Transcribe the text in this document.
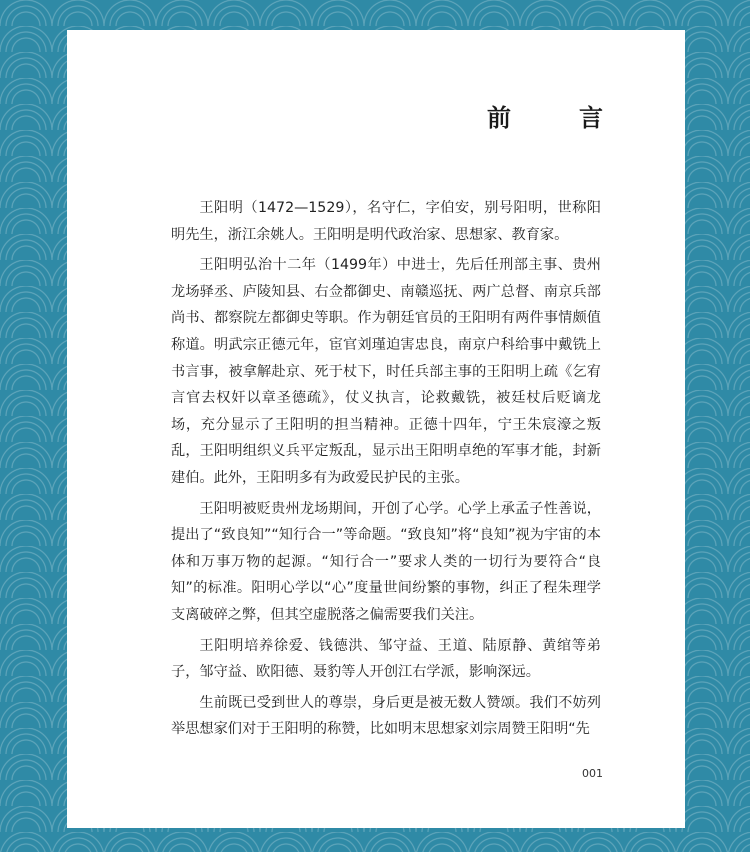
前　言

王阳明（1472—1529），名守仁，字伯安，别号阳明，世称阳明先生，浙江余姚人。王阳明是明代政治家、思想家、教育家。

王阳明弘治十二年（1499年）中进士，先后任刑部主事、贵州龙场驿丞、庐陵知县、右佥都御史、南赣巡抚、两广总督、南京兵部尚书、都察院左都御史等职。作为朝廷官员的王阳明有两件事情颇值称道。明武宗正德元年，宦官刘瑾迫害忠良，南京户科给事中戴铣上书言事，被拿解赴京、死于杖下，时任兵部主事的王阳明上疏《乞宥言官去权奸以章圣德疏》，仗义执言，论救戴铣，被廷杖后贬谪龙场，充分显示了王阳明的担当精神。正德十四年，宁王朱宸濠之叛乱，王阳明组织义兵平定叛乱，显示出王阳明卓绝的军事才能，封新建伯。此外，王阳明多有为政爱民护民的主张。

王阳明被贬贵州龙场期间，开创了心学。心学上承孟子性善说，提出了“致良知”“知行合一”等命题。“致良知”将“良知”视为宇宙的本体和万事万物的起源。“知行合一”要求人类的一切行为要符合“良知”的标准。阳明心学以“心”度量世间纷繁的事物，纠正了程朱理学支离破碎之弊，但其空虚脱落之偏需要我们关注。

王阳明培养徐爱、钱德洪、邹守益、王道、陆原静、黄绾等弟子，邹守益、欧阳德、聂豹等人开创江右学派，影响深远。

生前既已受到世人的尊崇，身后更是被无数人赞颂。我们不妨列举思想家们对于王阳明的称赞，比如明末思想家刘宗周赞王阳明“先

001
